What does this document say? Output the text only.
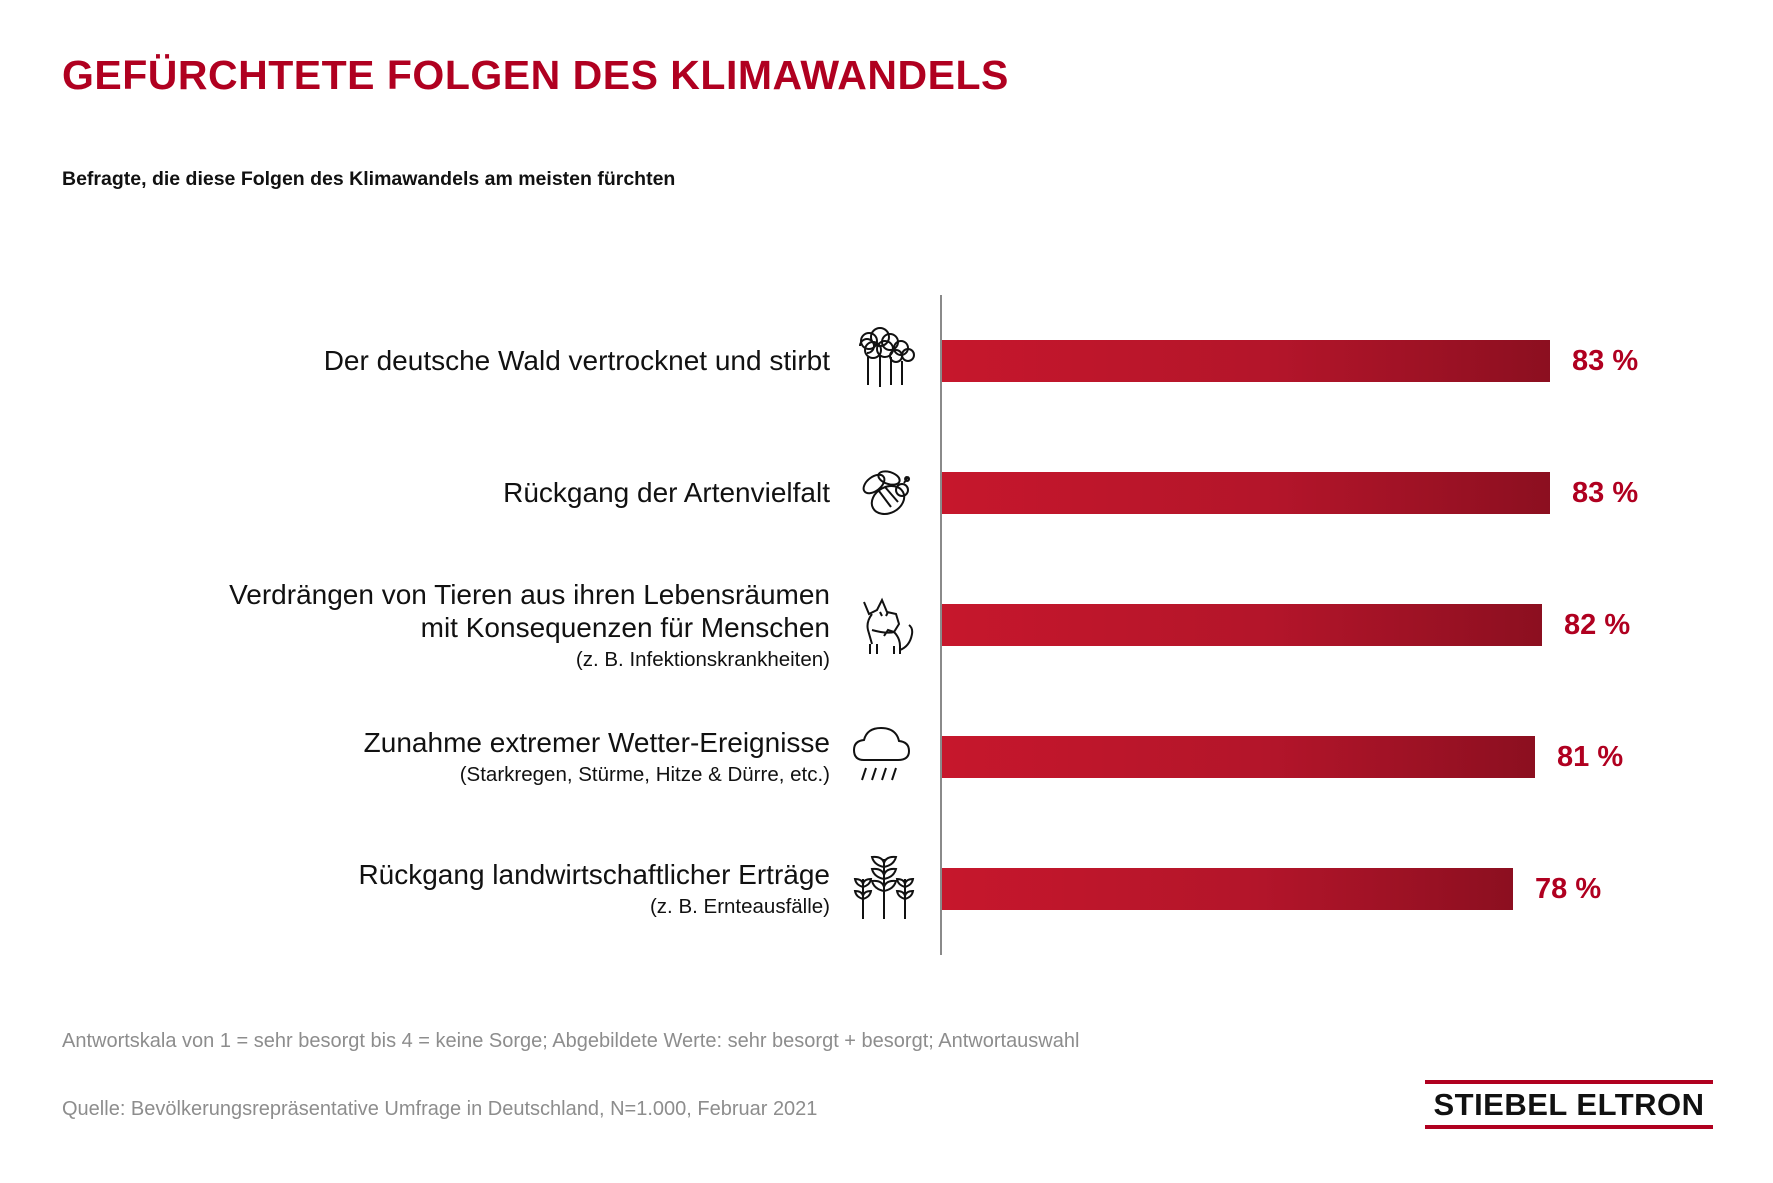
GEFÜRCHTETE FOLGEN DES KLIMAWANDELS
Befragte, die diese Folgen des Klimawandels am meisten fürchten
Der deutsche Wald vertrocknet und stirbt	83 %
Rückgang der Artenvielfalt	83 %
Verdrängen von Tieren aus ihren Lebensräumen
mit Konsequenzen für Menschen
(z. B. Infektionskrankheiten)
82 %
Zunahme extremer Wetter-Ereignisse
(Starkregen, Stürme, Hitze & Dürre, etc.)
81 %
Rückgang landwirtschaftlicher Erträge
(z. B. Ernteausfälle)
78 %
Antwortskala von 1 = sehr besorgt bis 4 = keine Sorge; Abgebildete Werte: sehr besorgt + besorgt; Antwortauswahl
Quelle: Bevölkerungsrepräsentative Umfrage in Deutschland, N=1.000, Februar 2021	STIEBEL ELTRON
